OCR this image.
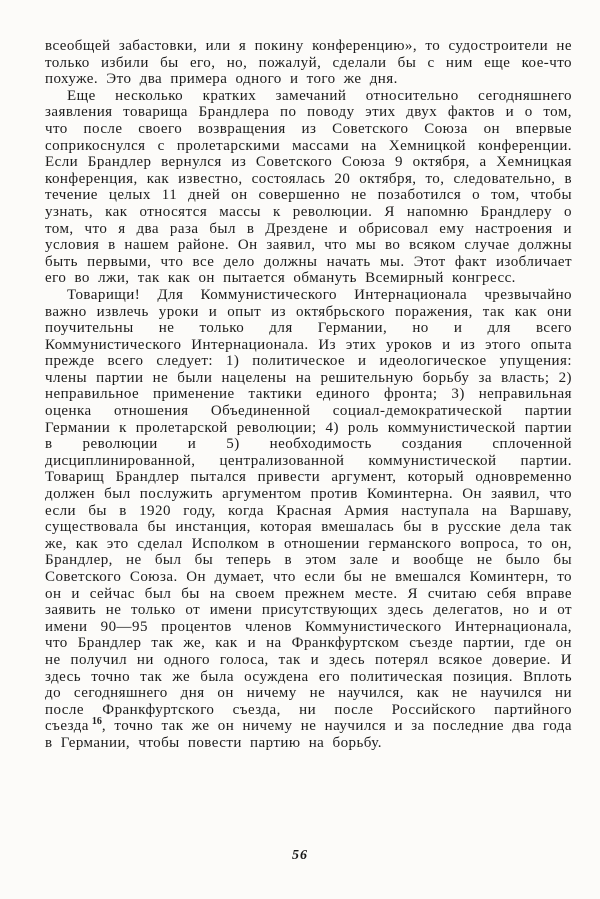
всеобщей забастовки, или я покину конференцию», то судостроители не только избили бы его, но, пожалуй, сделали бы с ним еще кое-что похуже. Это два примера одного и того же дня.

Еще несколько кратких замечаний относительно сегодняшнего заявления товарища Брандлера по поводу этих двух фактов и о том, что после своего возвращения из Советского Союза он впервые соприкоснулся с пролетарскими массами на Хемницкой конференции. Если Брандлер вернулся из Советского Союза 9 октября, а Хемницкая конференция, как известно, состоялась 20 октября, то, следовательно, в течение целых 11 дней он совершенно не позаботился о том, чтобы узнать, как относятся массы к революции. Я напомню Брандлеру о том, что я два раза был в Дрездене и обрисовал ему настроения и условия в нашем районе. Он заявил, что мы во всяком случае должны быть первыми, что все дело должны начать мы. Этот факт изобличает его во лжи, так как он пытается обмануть Всемирный конгресс.

Товарищи! Для Коммунистического Интернационала чрезвычайно важно извлечь уроки и опыт из октябрьского поражения, так как они поучительны не только для Германии, но и для всего Коммунистического Интернационала. Из этих уроков и из этого опыта прежде всего следует: 1) политическое и идеологическое упущения: члены партии не были нацелены на решительную борьбу за власть; 2) неправильное применение тактики единого фронта; 3) неправильная оценка отношения Объединенной социал-демократической партии Германии к пролетарской революции; 4) роль коммунистической партии в революции и 5) необходимость создания сплоченной дисциплинированной, централизованной коммунистической партии. Товарищ Брандлер пытался привести аргумент, который одновременно должен был послужить аргументом против Коминтерна. Он заявил, что если бы в 1920 году, когда Красная Армия наступала на Варшаву, существовала бы инстанция, которая вмешалась бы в русские дела так же, как это сделал Исполком в отношении германского вопроса, то он, Брандлер, не был бы теперь в этом зале и вообще не было бы Советского Союза. Он думает, что если бы не вмешался Коминтерн, то он и сейчас был бы на своем прежнем месте. Я считаю себя вправе заявить не только от имени присутствующих здесь делегатов, но и от имени 90—95 процентов членов Коммунистического Интернационала, что Брандлер так же, как и на Франкфуртском съезде партии, где он не получил ни одного голоса, так и здесь потерял всякое доверие. И здесь точно так же была осуждена его политическая позиция. Вплоть до сегодняшнего дня он ничему не научился, как не научился ни после Франкфуртского съезда, ни после Российского партийного съезда $^{16}$, точно так же он ничему не научился и за последние два года в Германии, чтобы повести партию на борьбу.

56
